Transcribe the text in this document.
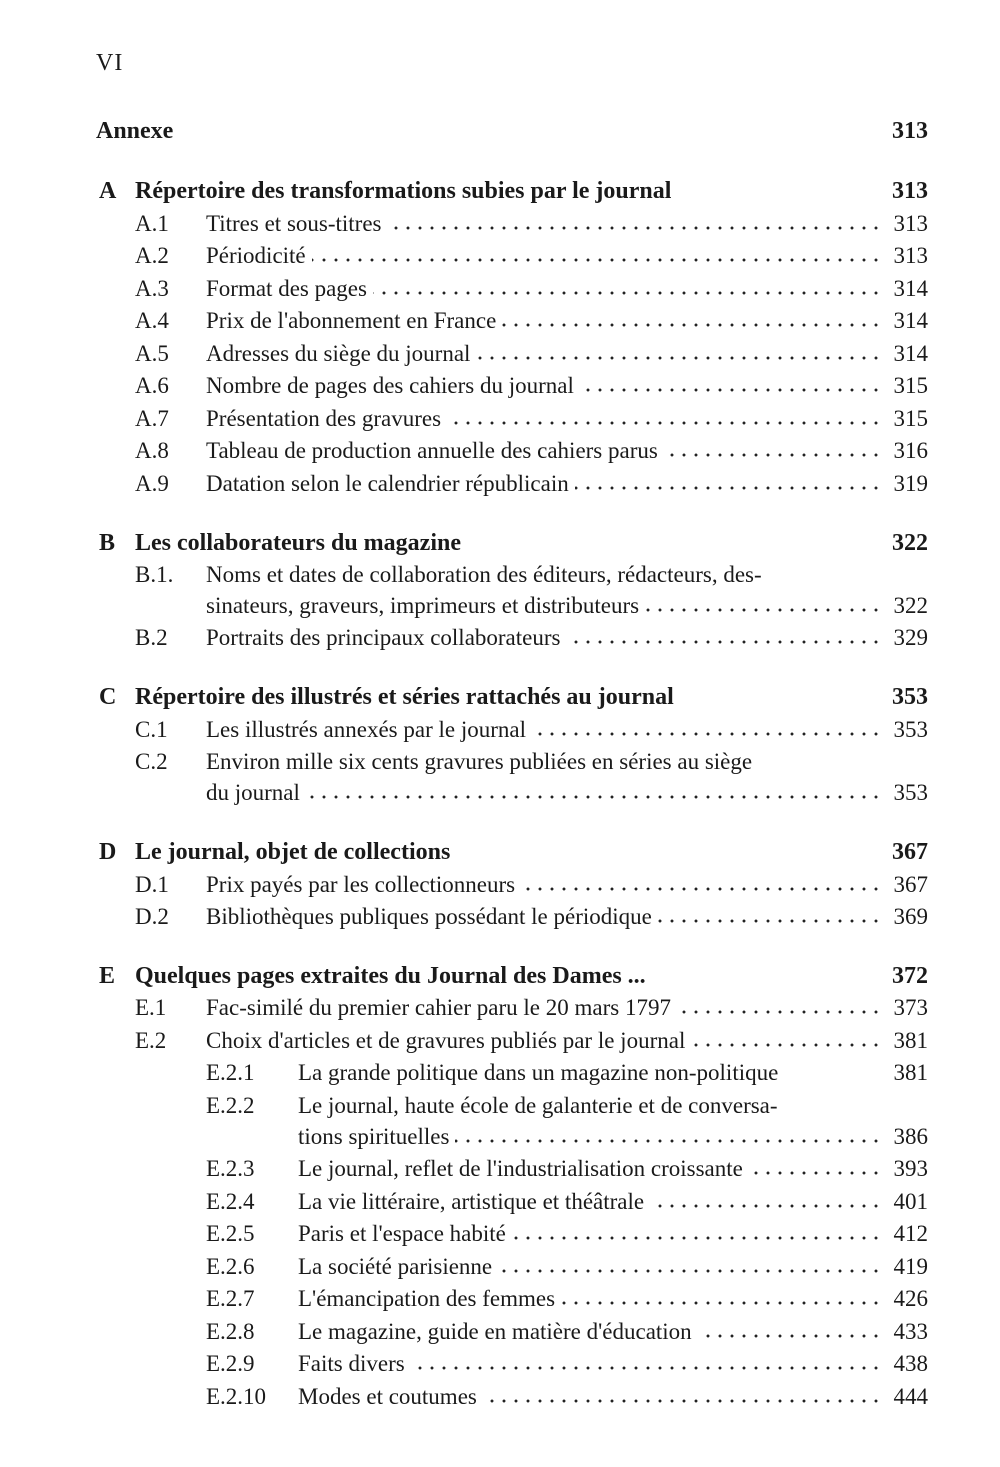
VI
Annexe	313
A Répertoire des transformations subies par le journal	313
A.1 Titres et sous-titres	313
A.2 Périodicité	313
A.3 Format des pages	314
A.4 Prix de l'abonnement en France	314
A.5 Adresses du siège du journal	314
A.6 Nombre de pages des cahiers du journal	315
A.7 Présentation des gravures	315
A.8 Tableau de production annuelle des cahiers parus	316
A.9 Datation selon le calendrier républicain	319
B Les collaborateurs du magazine	322
B.1. Noms et dates de collaboration des éditeurs, rédacteurs, des-
sinateurs, graveurs, imprimeurs et distributeurs	322
B.2 Portraits des principaux collaborateurs	329
C Répertoire des illustrés et séries rattachés au journal	353
C.1 Les illustrés annexés par le journal	353
C.2 Environ mille six cents gravures publiées en séries au siège
du journal	353
D Le journal, objet de collections	367
D.1 Prix payés par les collectionneurs	367
D.2 Bibliothèques publiques possédant le périodique	369
E Quelques pages extraites du Journal des Dames ...	372
E.1 Fac-similé du premier cahier paru le 20 mars 1797	373
E.2 Choix d'articles et de gravures publiés par le journal	381
E.2.1 La grande politique dans un magazine non-politique	381
E.2.2 Le journal, haute école de galanterie et de conversa-
tions spirituelles	386
E.2.3 Le journal, reflet de l'industrialisation croissante	393
E.2.4 La vie littéraire, artistique et théâtrale	401
E.2.5 Paris et l'espace habité	412
E.2.6 La société parisienne	419
E.2.7 L'émancipation des femmes	426
E.2.8 Le magazine, guide en matière d'éducation	433
E.2.9 Faits divers	438
E.2.10 Modes et coutumes	444
